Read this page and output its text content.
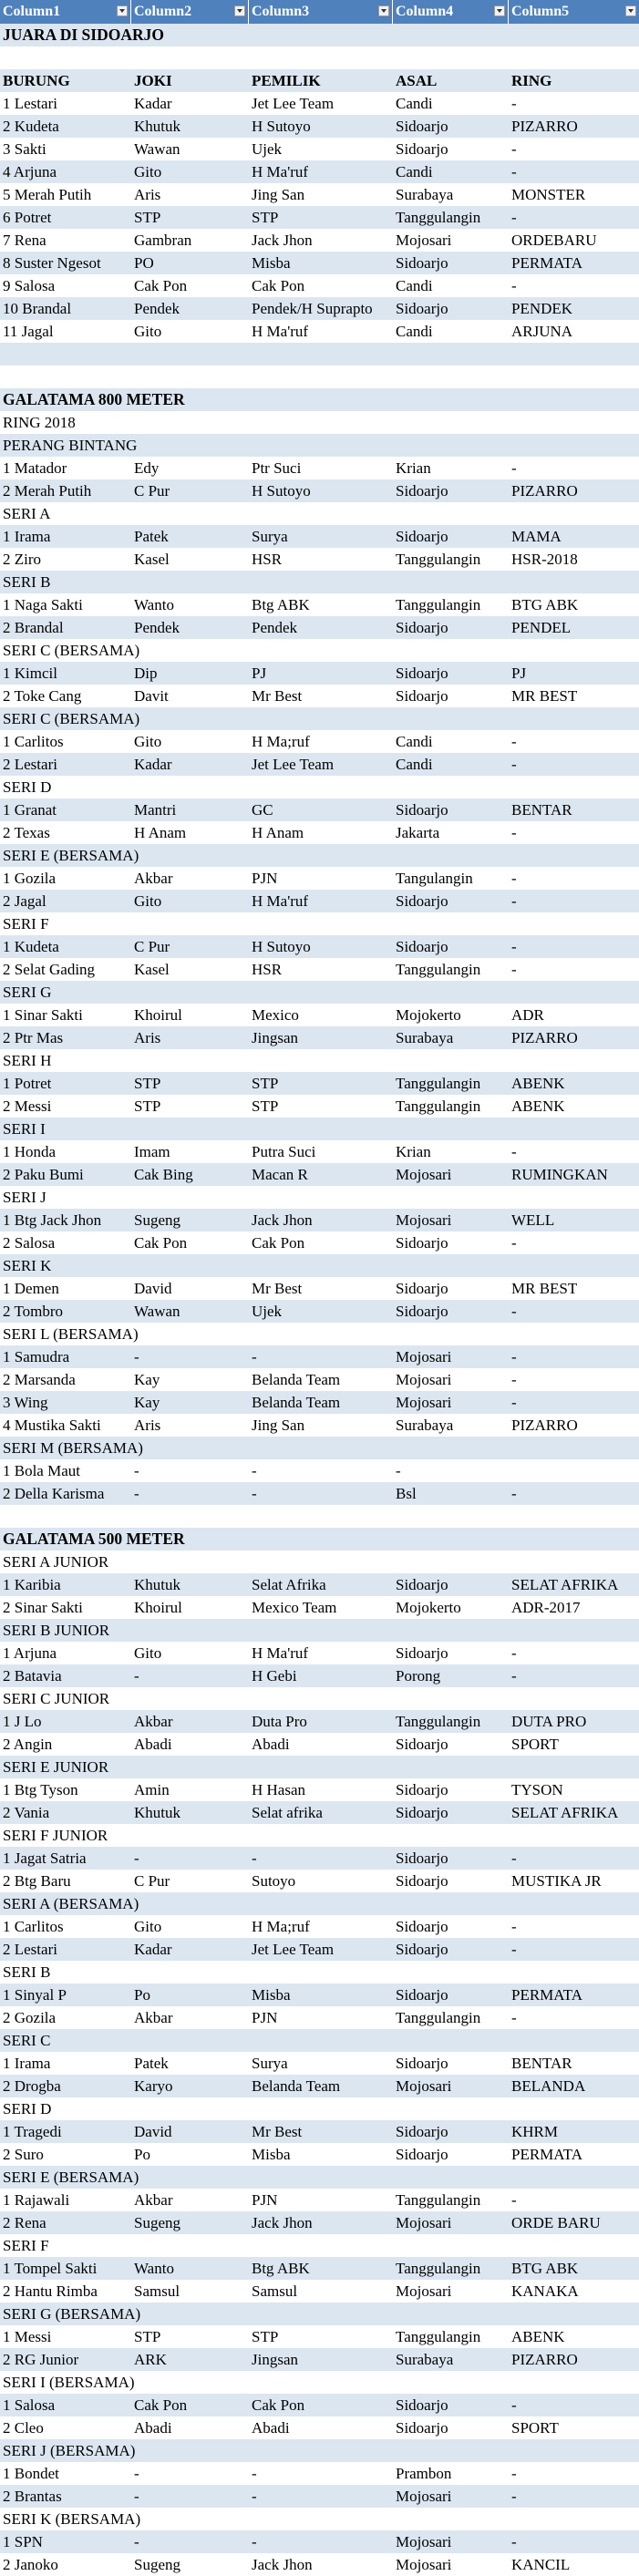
Column1	Column2	Column3	Column4	Column5
JUARA DI SIDOARJO
BURUNG	JOKI	PEMILIK	ASAL	RING
1 Lestari	Kadar	Jet Lee Team	Candi	-
2 Kudeta	Khutuk	H Sutoyo	Sidoarjo	PIZARRO
3 Sakti	Wawan	Ujek	Sidoarjo	-
4 Arjuna	Gito	H Ma'ruf	Candi	-
5 Merah Putih	Aris	Jing San	Surabaya	MONSTER
6 Potret	STP	STP	Tanggulangin	-
7 Rena	Gambran	Jack Jhon	Mojosari	ORDEBARU
8 Suster Ngesot	PO	Misba	Sidoarjo	PERMATA
9 Salosa	Cak Pon	Cak Pon	Candi	-
10 Brandal	Pendek	Pendek/H Suprapto	Sidoarjo	PENDEK
11 Jagal	Gito	H Ma'ruf	Candi	ARJUNA
GALATAMA 800 METER
RING 2018
PERANG BINTANG
1 Matador	Edy	Ptr Suci	Krian	-
2 Merah Putih	C Pur	H Sutoyo	Sidoarjo	PIZARRO
SERI A
1 Irama	Patek	Surya	Sidoarjo	MAMA
2 Ziro	Kasel	HSR	Tanggulangin	HSR-2018
SERI B
1 Naga Sakti	Wanto	Btg ABK	Tanggulangin	BTG ABK
2 Brandal	Pendek	Pendek	Sidoarjo	PENDEL
SERI C (BERSAMA)
1 Kimcil	Dip	PJ	Sidoarjo	PJ
2 Toke Cang	Davit	Mr Best	Sidoarjo	MR BEST
SERI C (BERSAMA)
1 Carlitos	Gito	H Ma;ruf	Candi	-
2 Lestari	Kadar	Jet Lee Team	Candi	-
SERI D
1 Granat	Mantri	GC	Sidoarjo	BENTAR
2 Texas	H Anam	H Anam	Jakarta	-
SERI E (BERSAMA)
1 Gozila	Akbar	PJN	Tangulangin	-
2 Jagal	Gito	H Ma'ruf	Sidoarjo	-
SERI F
1 Kudeta	C Pur	H Sutoyo	Sidoarjo	-
2 Selat Gading	Kasel	HSR	Tanggulangin	-
SERI G
1 Sinar Sakti	Khoirul	Mexico	Mojokerto	ADR
2 Ptr Mas	Aris	Jingsan	Surabaya	PIZARRO
SERI H
1 Potret	STP	STP	Tanggulangin	ABENK
2 Messi	STP	STP	Tanggulangin	ABENK
SERI I
1 Honda	Imam	Putra Suci	Krian	-
2 Paku Bumi	Cak Bing	Macan R	Mojosari	RUMINGKAN
SERI J
1 Btg Jack Jhon	Sugeng	Jack Jhon	Mojosari	WELL
2 Salosa	Cak Pon	Cak Pon	Sidoarjo	-
SERI K
1 Demen	David	Mr Best	Sidoarjo	MR BEST
2 Tombro	Wawan	Ujek	Sidoarjo	-
SERI L (BERSAMA)
1 Samudra	-	-	Mojosari	-
2 Marsanda	Kay	Belanda Team	Mojosari	-
3 Wing	Kay	Belanda Team	Mojosari	-
4 Mustika Sakti	Aris	Jing San	Surabaya	PIZARRO
SERI M (BERSAMA)
1 Bola Maut	-	-	-
2 Della Karisma	-	-	Bsl	-
GALATAMA 500 METER
SERI A JUNIOR
1 Karibia	Khutuk	Selat Afrika	Sidoarjo	SELAT AFRIKA
2 Sinar Sakti	Khoirul	Mexico Team	Mojokerto	ADR-2017
SERI B JUNIOR
1 Arjuna	Gito	H Ma'ruf	Sidoarjo	-
2 Batavia	-	H Gebi	Porong	-
SERI C JUNIOR
1 J Lo	Akbar	Duta Pro	Tanggulangin	DUTA PRO
2 Angin	Abadi	Abadi	Sidoarjo	SPORT
SERI E JUNIOR
1 Btg Tyson	Amin	H Hasan	Sidoarjo	TYSON
2 Vania	Khutuk	Selat afrika	Sidoarjo	SELAT AFRIKA
SERI F JUNIOR
1 Jagat Satria	-	-	Sidoarjo	-
2 Btg Baru	C Pur	Sutoyo	Sidoarjo	MUSTIKA JR
SERI A (BERSAMA)
1 Carlitos	Gito	H Ma;ruf	Sidoarjo	-
2 Lestari	Kadar	Jet Lee Team	Sidoarjo	-
SERI B
1 Sinyal P	Po	Misba	Sidoarjo	PERMATA
2 Gozila	Akbar	PJN	Tanggulangin	-
SERI C
1 Irama	Patek	Surya	Sidoarjo	BENTAR
2 Drogba	Karyo	Belanda Team	Mojosari	BELANDA
SERI D
1 Tragedi	David	Mr Best	Sidoarjo	KHRM
2 Suro	Po	Misba	Sidoarjo	PERMATA
SERI E (BERSAMA)
1 Rajawali	Akbar	PJN	Tanggulangin	-
2 Rena	Sugeng	Jack Jhon	Mojosari	ORDE BARU
SERI F
1 Tompel Sakti	Wanto	Btg ABK	Tanggulangin	BTG ABK
2 Hantu Rimba	Samsul	Samsul	Mojosari	KANAKA
SERI G (BERSAMA)
1 Messi	STP	STP	Tanggulangin	ABENK
2 RG Junior	ARK	Jingsan	Surabaya	PIZARRO
SERI I (BERSAMA)
1 Salosa	Cak Pon	Cak Pon	Sidoarjo	-
2 Cleo	Abadi	Abadi	Sidoarjo	SPORT
SERI J (BERSAMA)
1 Bondet	-	-	Prambon	-
2 Brantas	-	-	Mojosari	-
SERI K (BERSAMA)
1 SPN	-	-	Mojosari	-
2 Janoko	Sugeng	Jack Jhon	Mojosari	KANCIL
